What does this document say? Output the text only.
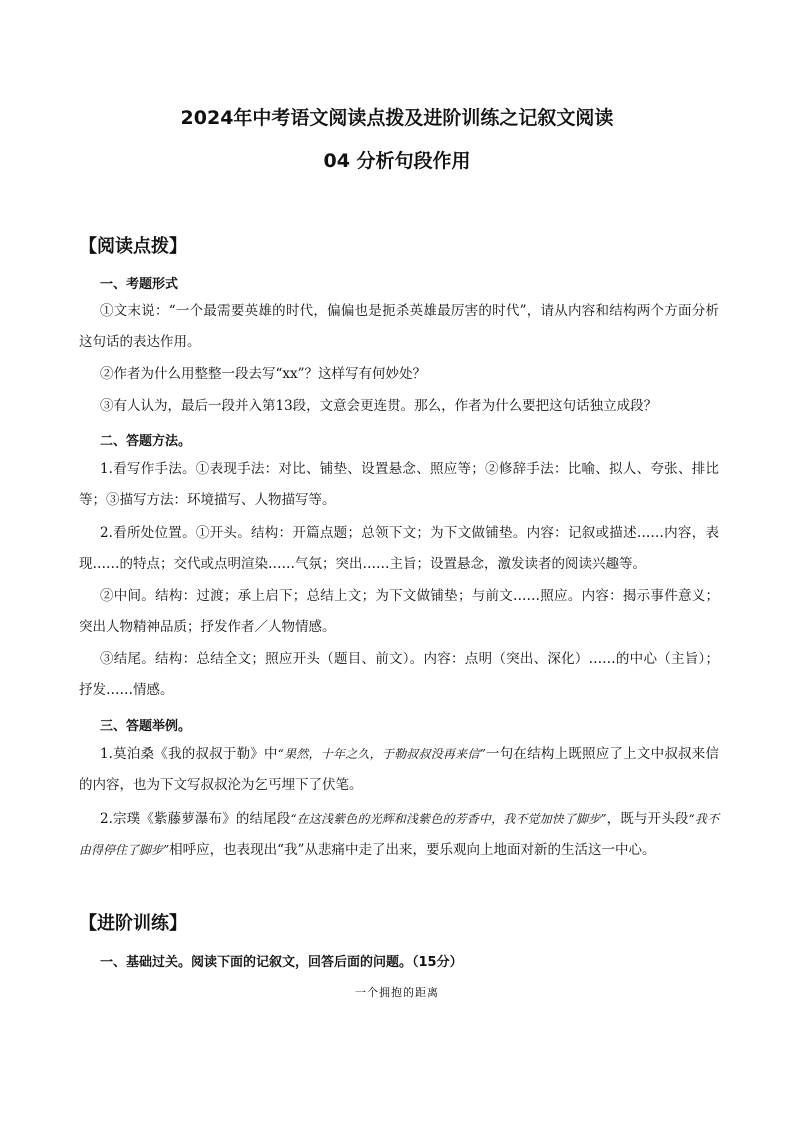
2024年中考语文阅读点拨及进阶训练之记叙文阅读
04 分析句段作用
【阅读点拨】
一、考题形式
①文末说：“一个最需要英雄的时代，偏偏也是扼杀英雄最厉害的时代”，请从内容和结构两个方面分析这句话的表达作用。
②作者为什么用整整一段去写“xx”？这样写有何妙处？
③有人认为，最后一段并入第13段，文意会更连贯。那么，作者为什么要把这句话独立成段？
二、答题方法。
1.看写作手法。①表现手法：对比、铺垫、设置悬念、照应等；②修辞手法：比喻、拟人、夸张、排比等；③描写方法：环境描写、人物描写等。
2.看所处位置。①开头。结构：开篇点题；总领下文；为下文做铺垫。内容：记叙或描述……内容，表现……的特点；交代或点明渲染……气氛；突出……主旨；设置悬念，激发读者的阅读兴趣等。
②中间。结构：过渡；承上启下；总结上文；为下文做铺垫；与前文……照应。内容：揭示事件意义；突出人物精神品质；抒发作者／人物情感。
③结尾。结构：总结全文；照应开头（题目、前文）。内容：点明（突出、深化）……的中心（主旨）；抒发……情感。
三、答题举例。
1.莫泊桑《我的叔叔于勒》中“果然，十年之久，于勒叔叔没再来信”一句在结构上既照应了上文中叔叔来信的内容，也为下文写叔叔沦为乞丐埋下了伏笔。
2.宗璞《紫藤萝瀑布》的结尾段“在这浅紫色的光辉和浅紫色的芳香中，我不觉加快了脚步”，既与开头段“我不由得停住了脚步”相呼应，也表现出“我”从悲痛中走了出来，要乐观向上地面对新的生活这一中心。
【进阶训练】
一、基础过关。阅读下面的记叙文，回答后面的问题。（15分）
一个拥抱的距离
